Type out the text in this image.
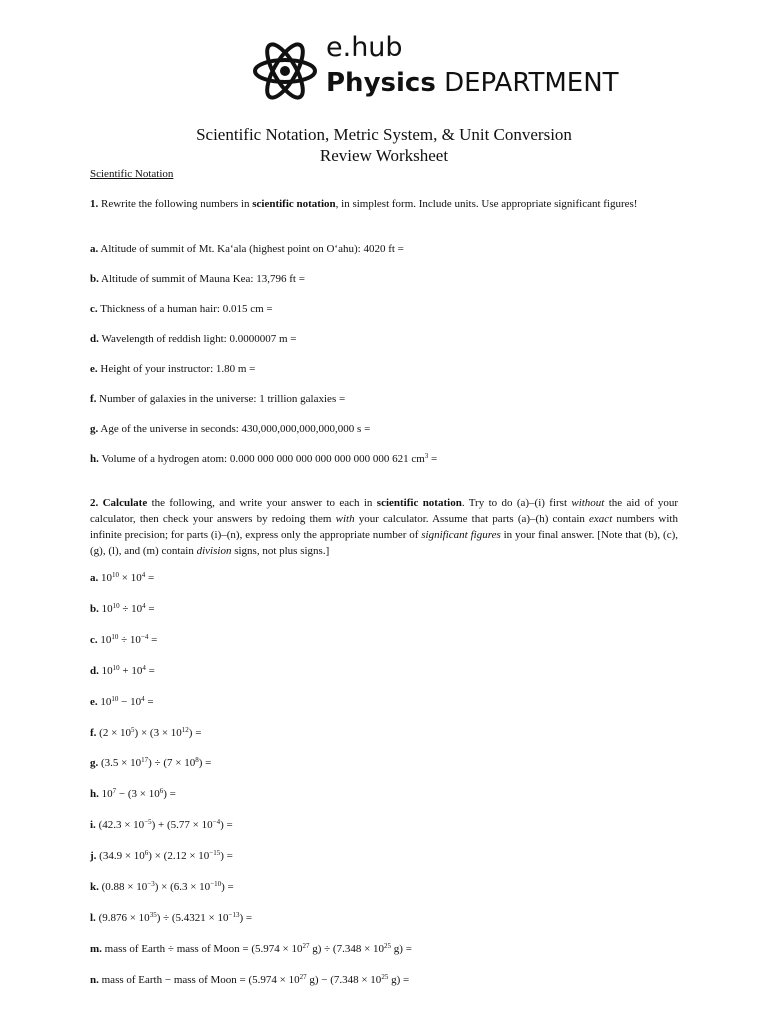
e.hub
Physics DEPARTMENT
Scientific Notation, Metric System, & Unit Conversion
Review Worksheet
Scientific Notation
1. Rewrite the following numbers in scientific notation, in simplest form. Include units. Use appropriate significant figures!
a. Altitude of summit of Mt. Ka‘ala (highest point on O‘ahu): 4020 ft =
b. Altitude of summit of Mauna Kea: 13,796 ft =
c. Thickness of a human hair: 0.015 cm =
d. Wavelength of reddish light: 0.0000007 m =
e. Height of your instructor: 1.80 m =
f. Number of galaxies in the universe: 1 trillion galaxies =
g. Age of the universe in seconds: 430,000,000,000,000,000 s =
h. Volume of a hydrogen atom: 0.000 000 000 000 000 000 000 000 621 $cm^3$ =
2. Calculate the following, and write your answer to each in scientific notation. Try to do (a)–(i) first without the aid of your calculator, then check your answers by redoing them with your calculator. Assume that parts (a)–(h) contain exact numbers with infinite precision; for parts (i)–(n), express only the appropriate number of significant figures in your final answer. [Note that (b), (c), (g), (l), and (m) contain division signs, not plus signs.]
a. $10^{10} \times 10^4$ =
b. $10^{10} \div 10^4$ =
c. $10^{10} \div 10^{-4}$ =
d. $10^{10} + 10^4$ =
e. $10^{10} - 10^4$ =
f. $(2 \times 10^5) \times (3 \times 10^{12})$ =
g. $(3.5 \times 10^{17}) \div (7 \times 10^8)$ =
h. $10^7 - (3 \times 10^6)$ =
i. $(42.3 \times 10^{-5}) + (5.77 \times 10^{-4})$ =
j. $(34.9 \times 10^6) \times (2.12 \times 10^{-15})$ =
k. $(0.88 \times 10^{-3}) \times (6.3 \times 10^{-10})$ =
l. $(9.876 \times 10^{35}) \div (5.4321 \times 10^{-13})$ =
m. mass of Earth ÷ mass of Moon = ($5.974 \times 10^{27}$ $g) \div (7.348 \times 10^{25}$ g) =
n. mass of Earth − mass of Moon = ($5.974 \times 10^{27}$ $g) - (7.348 \times 10^{25}$ g) =
